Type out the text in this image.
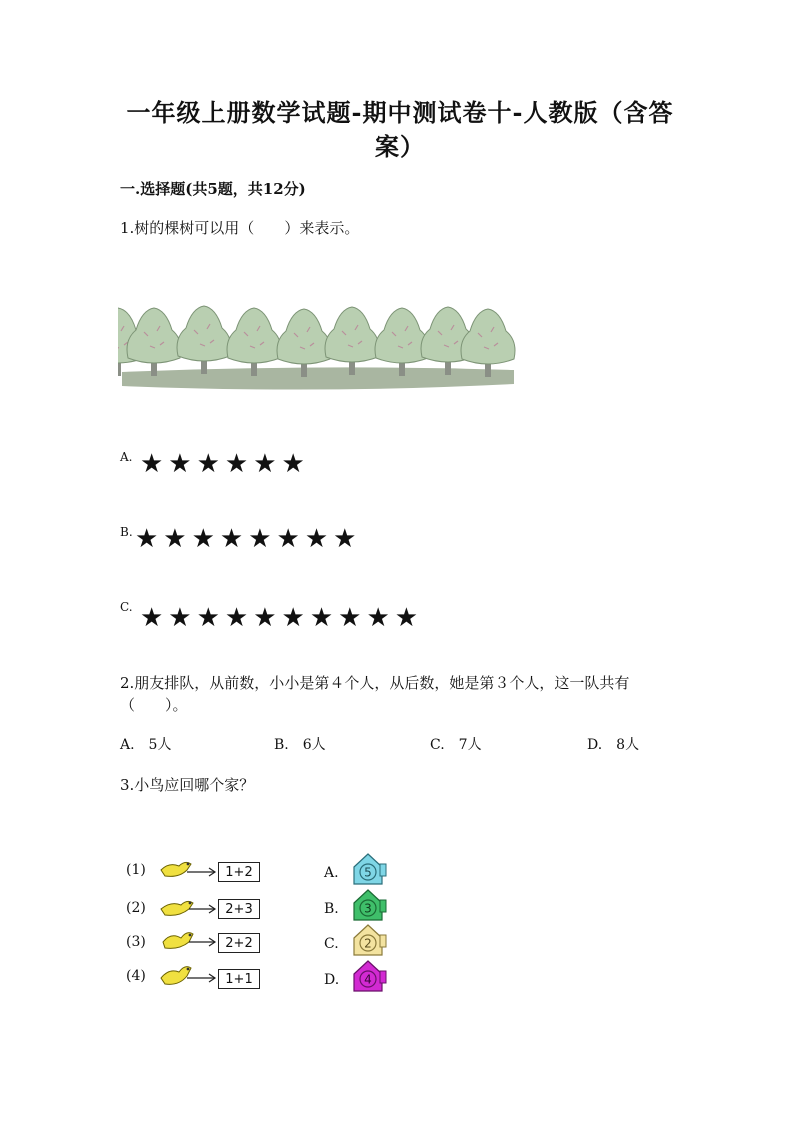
一年级上册数学试题-期中测试卷十-人教版（含答
案）
一.选择题(共5题，共12分)
1.树的棵树可以用（　　）来表示。
A. ★★★★★★
B. ★★★★★★★★
C. ★★★★★★★★★★
2.朋友排队，从前数，小小是第４个人，从后数，她是第３个人，这一队共有
（　　）。
A.　5人	B.　6人	C.　7人	D.　8人
3.小鸟应回哪个家？
(1)	1+2
(2)	2+3
(3)	2+2
(4)	1+1
A. 5
B. 3
C. 2
D. 4
